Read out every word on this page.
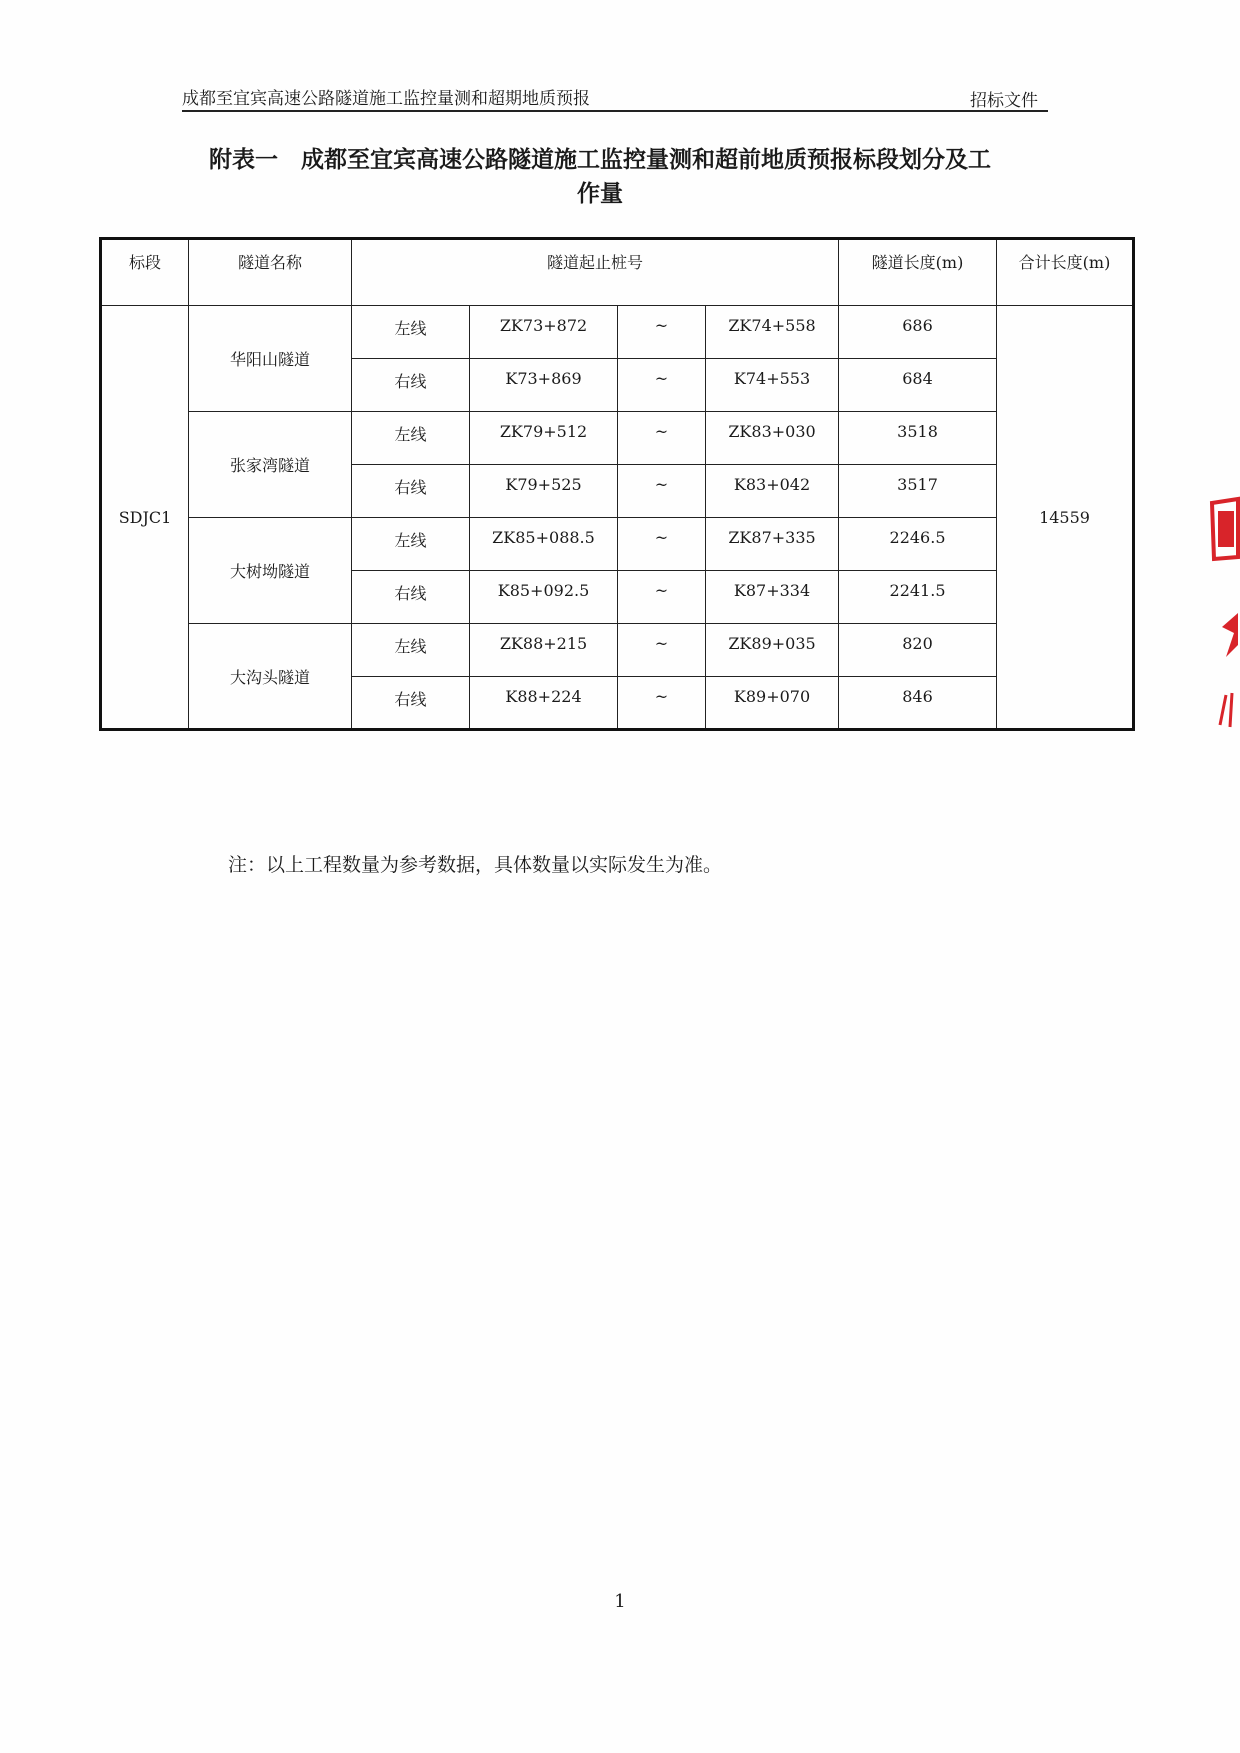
成都至宜宾高速公路隧道施工监控量测和超期地质预报	招标文件
附表一　成都至宜宾高速公路隧道施工监控量测和超前地质预报标段划分及工
作量
标段	隧道名称	隧道起止桩号				隧道长度(m)	合计长度(m)
SDJC1	华阳山隧道	左线	ZK73+872	~	ZK74+558	686	14559
		右线	K73+869	~	K74+553	684	
	张家湾隧道	左线	ZK79+512	~	ZK83+030	3518	
		右线	K79+525	~	K83+042	3517	
	大树坳隧道	左线	ZK85+088.5	~	ZK87+335	2246.5	
		右线	K85+092.5	~	K87+334	2241.5	
	大沟头隧道	左线	ZK88+215	~	ZK89+035	820	
		右线	K88+224	~	K89+070	846	
注：以上工程数量为参考数据，具体数量以实际发生为准。
1
